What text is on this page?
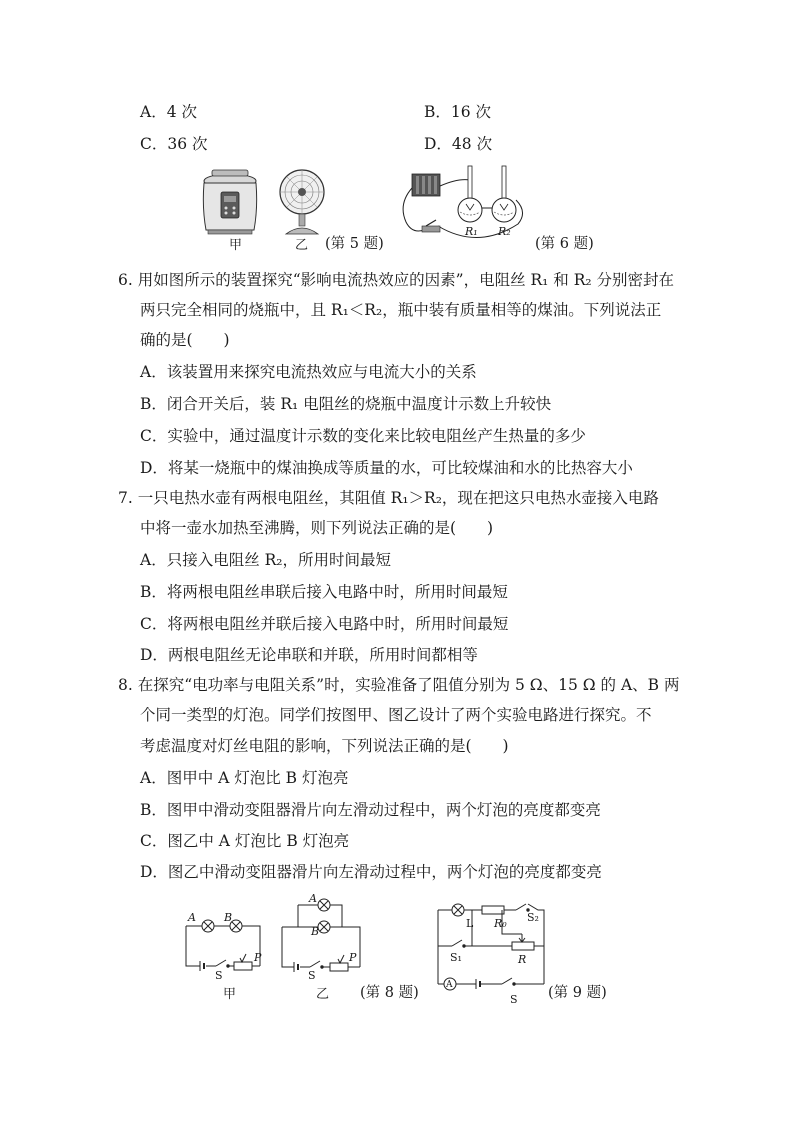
A．4 次	B．16 次
C．36 次	D．48 次
甲	乙 (第 5 题)
R₁ R₂
(第 6 题)
6. 用如图所示的装置探究“影响电流热效应的因素”，电阻丝 R₁ 和 R₂ 分别密封在
两只完全相同的烧瓶中，且 R₁＜R₂，瓶中装有质量相等的煤油。下列说法正
确的是(　　)
A．该装置用来探究电流热效应与电流大小的关系
B．闭合开关后，装 R₁ 电阻丝的烧瓶中温度计示数上升较快
C．实验中，通过温度计示数的变化来比较电阻丝产生热量的多少
D．将某一烧瓶中的煤油换成等质量的水，可比较煤油和水的比热容大小
7. 一只电热水壶有两根电阻丝，其阻值 R₁＞R₂，现在把这只电热水壶接入电路
中将一壶水加热至沸腾，则下列说法正确的是(　　)
A．只接入电阻丝 R₂，所用时间最短
B．将两根电阻丝串联后接入电路中时，所用时间最短
C．将两根电阻丝并联后接入电路中时，所用时间最短
D．两根电阻丝无论串联和并联，所用时间都相等
8. 在探究“电功率与电阻关系”时，实验准备了阻值分别为 5 Ω、15 Ω 的 A、B 两
个同一类型的灯泡。同学们按图甲、图乙设计了两个实验电路进行探究。不
考虑温度对灯丝电阻的影响，下列说法正确的是(　　)
A．图甲中 A 灯泡比 B 灯泡亮
B．图甲中滑动变阻器滑片向左滑动过程中，两个灯泡的亮度都变亮
C．图乙中 A 灯泡比 B 灯泡亮
D．图乙中滑动变阻器滑片向左滑动过程中，两个灯泡的亮度都变亮
A	B
P
S
甲
A
B
P
S
乙 (第 8 题)
L R₀ S₂
S₁	R
A
S (第 9 题)
